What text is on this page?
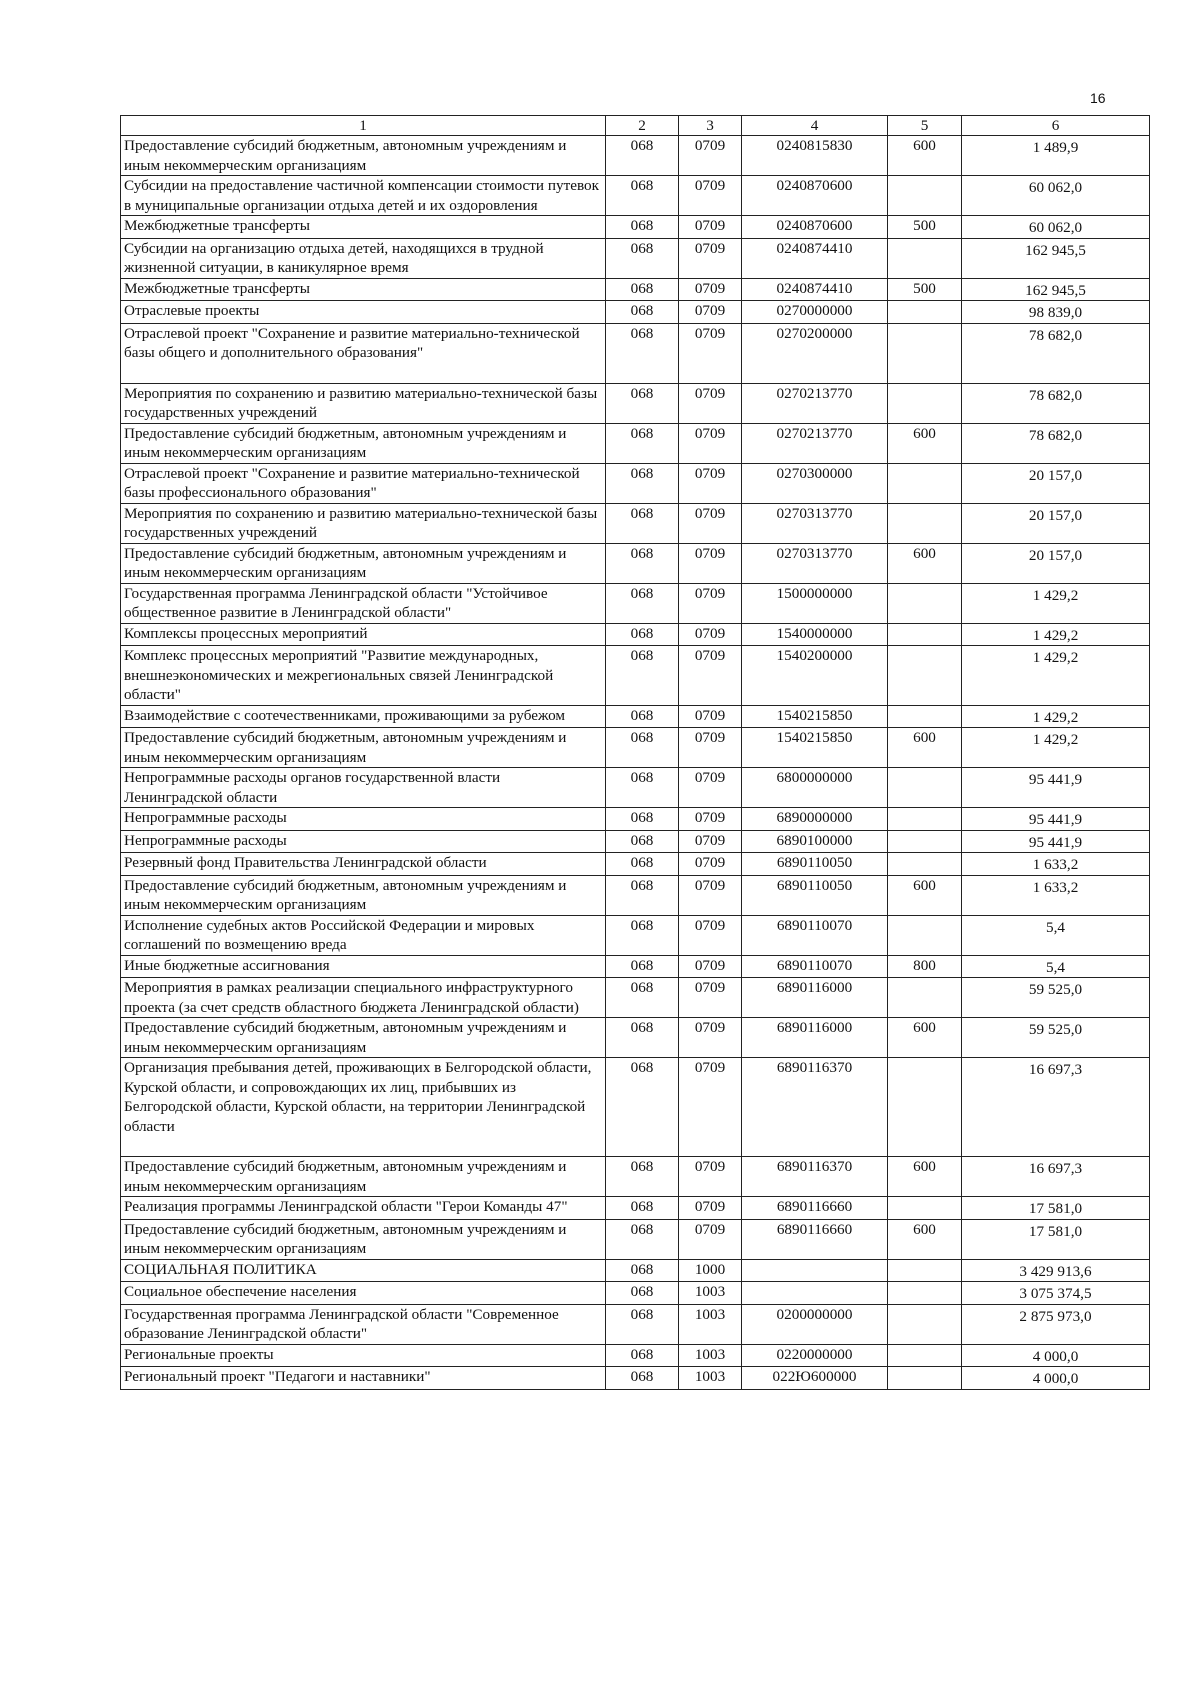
16
1	2	3	4	5	6
Предоставление субсидий бюджетным, автономным учреждениям и иным некоммерческим организациям	068	0709	0240815830	600	1 489,9
Субсидии на предоставление частичной компенсации стоимости путевок в муниципальные организации отдыха детей и их оздоровления	068	0709	0240870600		60 062,0
Межбюджетные трансферты	068	0709	0240870600	500	60 062,0
Субсидии на организацию отдыха детей, находящихся в трудной жизненной ситуации, в каникулярное время	068	0709	0240874410		162 945,5
Межбюджетные трансферты	068	0709	0240874410	500	162 945,5
Отраслевые проекты	068	0709	0270000000		98 839,0
Отраслевой проект "Сохранение и развитие материально-технической базы общего и дополнительного образования"	068	0709	0270200000		78 682,0
Мероприятия по сохранению и развитию материально-технической базы государственных учреждений	068	0709	0270213770		78 682,0
Предоставление субсидий бюджетным, автономным учреждениям и иным некоммерческим организациям	068	0709	0270213770	600	78 682,0
Отраслевой проект "Сохранение и развитие материально-технической базы профессионального образования"	068	0709	0270300000		20 157,0
Мероприятия по сохранению и развитию материально-технической базы государственных учреждений	068	0709	0270313770		20 157,0
Предоставление субсидий бюджетным, автономным учреждениям и иным некоммерческим организациям	068	0709	0270313770	600	20 157,0
Государственная программа Ленинградской области "Устойчивое общественное развитие в Ленинградской области"	068	0709	1500000000		1 429,2
Комплексы процессных мероприятий	068	0709	1540000000		1 429,2
Комплекс процессных мероприятий "Развитие международных, внешнеэкономических и межрегиональных связей Ленинградской области"	068	0709	1540200000		1 429,2
Взаимодействие с соотечественниками, проживающими за рубежом	068	0709	1540215850		1 429,2
Предоставление субсидий бюджетным, автономным учреждениям и иным некоммерческим организациям	068	0709	1540215850	600	1 429,2
Непрограммные расходы органов государственной власти Ленинградской области	068	0709	6800000000		95 441,9
Непрограммные расходы	068	0709	6890000000		95 441,9
Непрограммные расходы	068	0709	6890100000		95 441,9
Резервный фонд Правительства Ленинградской области	068	0709	6890110050		1 633,2
Предоставление субсидий бюджетным, автономным учреждениям и иным некоммерческим организациям	068	0709	6890110050	600	1 633,2
Исполнение судебных актов Российской Федерации и мировых соглашений по возмещению вреда	068	0709	6890110070		5,4
Иные бюджетные ассигнования	068	0709	6890110070	800	5,4
Мероприятия в рамках реализации специального инфраструктурного проекта (за счет средств областного бюджета Ленинградской области)	068	0709	6890116000		59 525,0
Предоставление субсидий бюджетным, автономным учреждениям и иным некоммерческим организациям	068	0709	6890116000	600	59 525,0
Организация пребывания детей, проживающих в Белгородской области, Курской области, и сопровождающих их лиц, прибывших из Белгородской области, Курской области, на территории Ленинградской области	068	0709	6890116370		16 697,3
Предоставление субсидий бюджетным, автономным учреждениям и иным некоммерческим организациям	068	0709	6890116370	600	16 697,3
Реализация программы Ленинградской области "Герои Команды 47"	068	0709	6890116660		17 581,0
Предоставление субсидий бюджетным, автономным учреждениям и иным некоммерческим организациям	068	0709	6890116660	600	17 581,0
СОЦИАЛЬНАЯ ПОЛИТИКА	068	1000			3 429 913,6
Социальное обеспечение населения	068	1003			3 075 374,5
Государственная программа Ленинградской области "Современное образование Ленинградской области"	068	1003	0200000000		2 875 973,0
Региональные проекты	068	1003	0220000000		4 000,0
Региональный проект "Педагоги и наставники"	068	1003	022Ю600000		4 000,0
